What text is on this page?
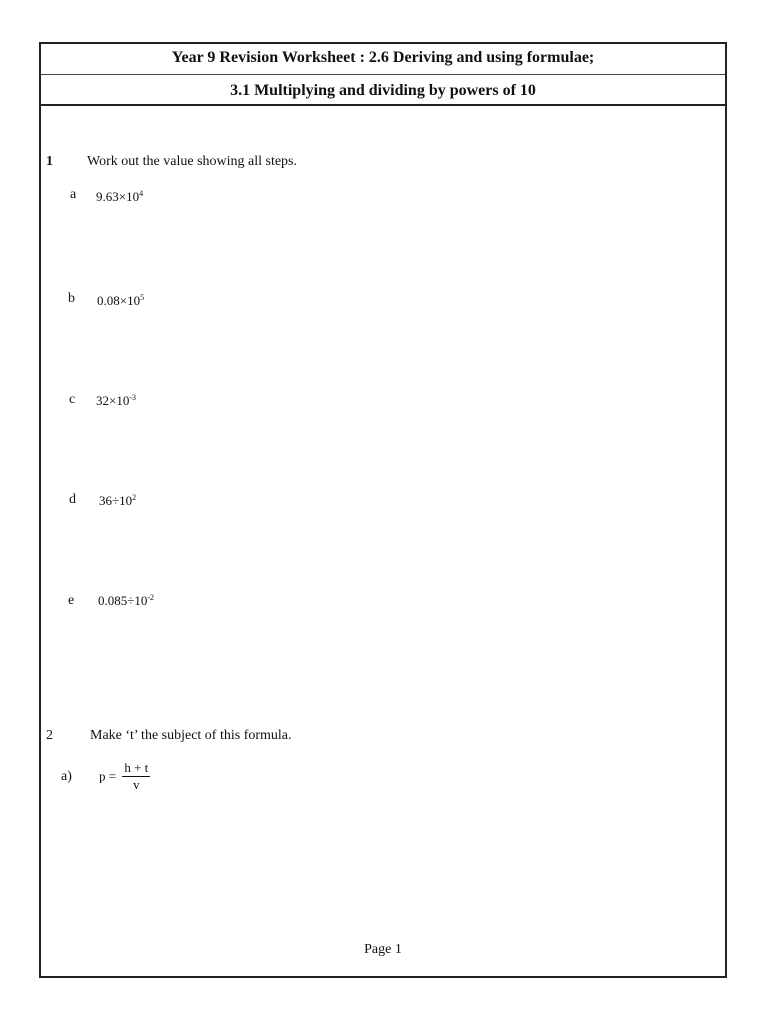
Year 9 Revision Worksheet : 2.6 Deriving and using formulae;
3.1 Multiplying and dividing by powers of 10
1 Work out the value showing all steps.
a $9.63\times 10^4$
b $0.08\times 10^5$
c $32\times 10^{-3}$
d $36\div 10^2$
e $0.085\div 10^{-2}$
2	Make ‘t’ the subject of this formula.
a) $p = \frac{h + t}{v}$
Page 1
